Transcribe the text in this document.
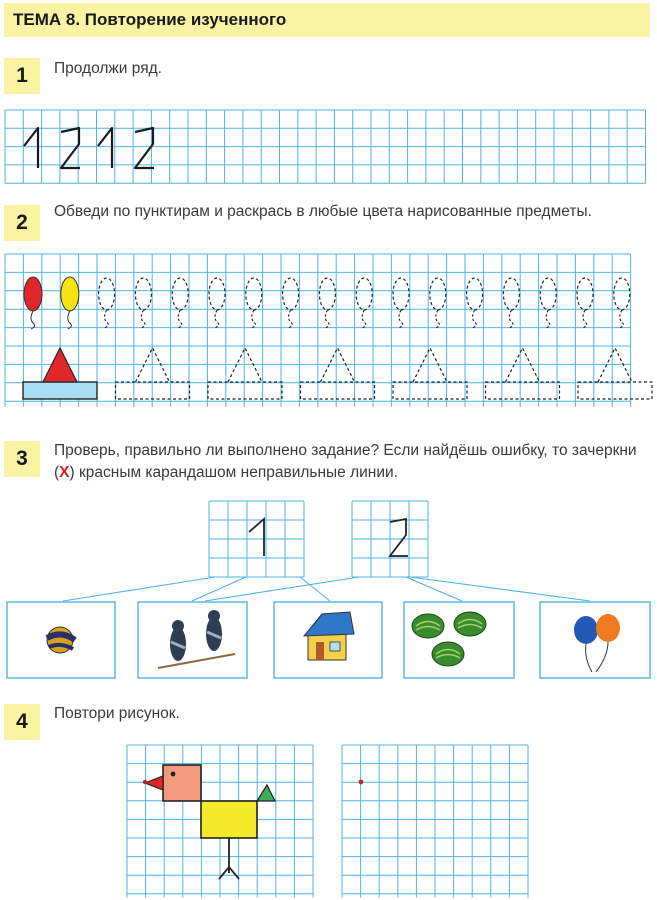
ТЕМА 8. Повторение изученного
1	Продолжи ряд.
2	Обведи по пунктирам и раскрась в любые цвета нарисованные предметы.
3	Проверь, правильно ли выполнено задание? Если найдёшь ошибку, то зачеркни (X) красным карандашом неправильные линии.
4	Повтори рисунок.
